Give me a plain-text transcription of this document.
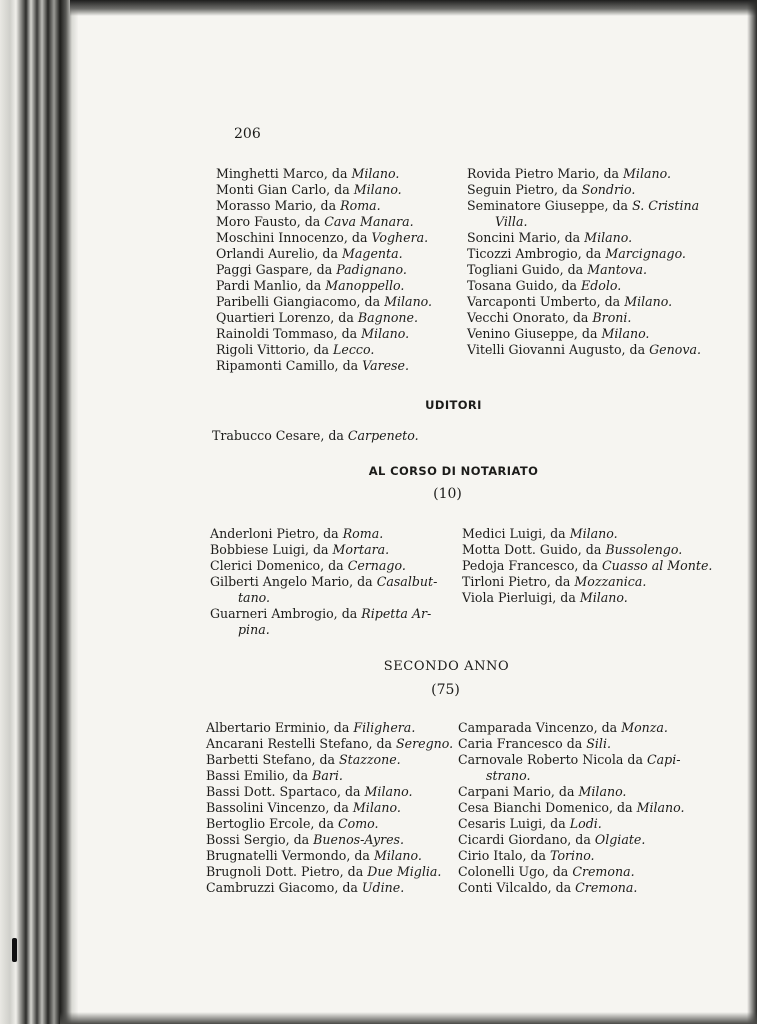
206
Minghetti Marco, da Milano.
Monti Gian Carlo, da Milano.
Morasso Mario, da Roma.
Moro Fausto, da Cava Manara.
Moschini Innocenzo, da Voghera.
Orlandi Aurelio, da Magenta.
Paggi Gaspare, da Padignano.
Pardi Manlio, da Manoppello.
Paribelli Giangiacomo, da Milano.
Quartieri Lorenzo, da Bagnone.
Rainoldi Tommaso, da Milano.
Rigoli Vittorio, da Lecco.
Ripamonti Camillo, da Varese.
Rovida Pietro Mario, da Milano.
Seguin Pietro, da Sondrio.
Seminatore Giuseppe, da S. Cristina
Villa.
Soncini Mario, da Milano.
Ticozzi Ambrogio, da Marcignago.
Togliani Guido, da Mantova.
Tosana Guido, da Edolo.
Varcaponti Umberto, da Milano.
Vecchi Onorato, da Broni.
Venino Giuseppe, da Milano.
Vitelli Giovanni Augusto, da Genova.
UDITORI
Trabucco Cesare, da Carpeneto.
AL CORSO DI NOTARIATO
(10)
Anderloni Pietro, da Roma.
Bobbiese Luigi, da Mortara.
Clerici Domenico, da Cernago.
Gilberti Angelo Mario, da Casalbut-
tano.
Guarneri Ambrogio, da Ripetta Ar-
pina.
Medici Luigi, da Milano.
Motta Dott. Guido, da Bussolengo.
Pedoja Francesco, da Cuasso al Monte.
Tirloni Pietro, da Mozzanica.
Viola Pierluigi, da Milano.
SECONDO ANNO
(75)
Albertario Erminio, da Filighera.
Ancarani Restelli Stefano, da Seregno.
Barbetti Stefano, da Stazzone.
Bassi Emilio, da Bari.
Bassi Dott. Spartaco, da Milano.
Bassolini Vincenzo, da Milano.
Bertoglio Ercole, da Como.
Bossi Sergio, da Buenos-Ayres.
Brugnatelli Vermondo, da Milano.
Brugnoli Dott. Pietro, da Due Miglia.
Cambruzzi Giacomo, da Udine.
Camparada Vincenzo, da Monza.
Caria Francesco da Sili.
Carnovale Roberto Nicola da Capi-
strano.
Carpani Mario, da Milano.
Cesa Bianchi Domenico, da Milano.
Cesaris Luigi, da Lodi.
Cicardi Giordano, da Olgiate.
Cirio Italo, da Torino.
Colonelli Ugo, da Cremona.
Conti Vilcaldo, da Cremona.
